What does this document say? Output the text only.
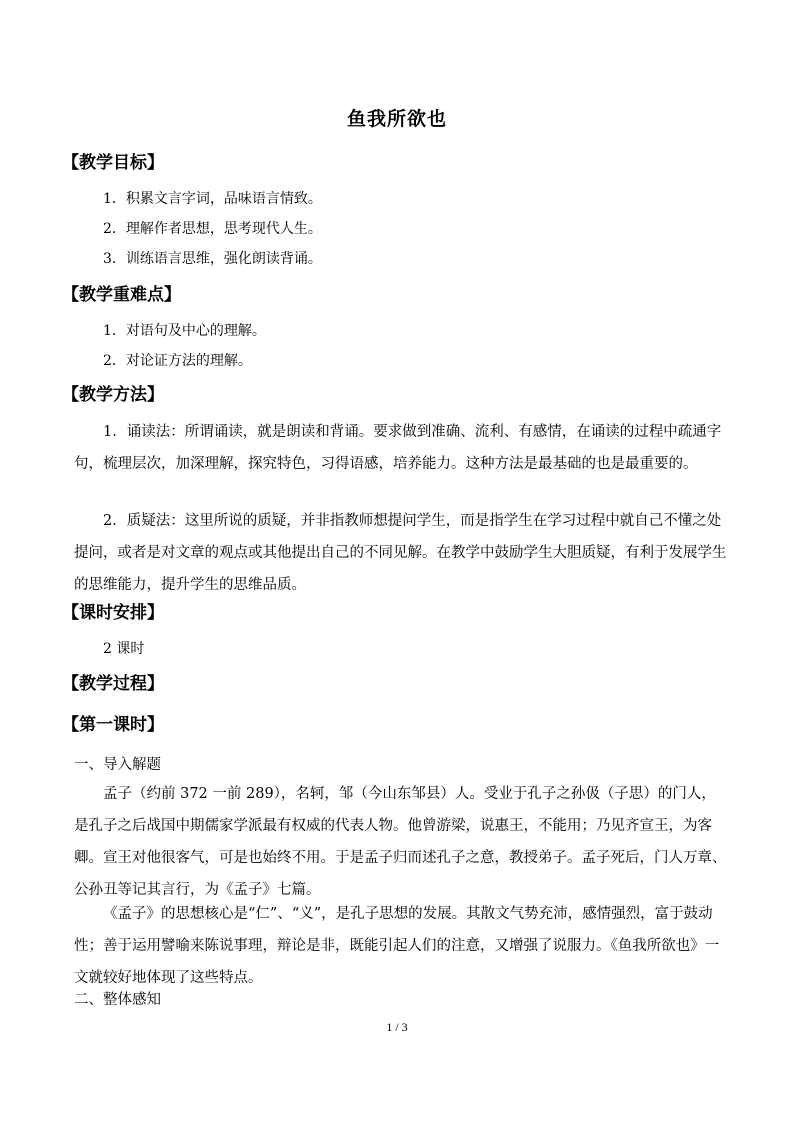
鱼我所欲也
【教学目标】
1．积累文言字词，品味语言情致。
2．理解作者思想，思考现代人生。
3．训练语言思维，强化朗读背诵。
【教学重难点】
1．对语句及中心的理解。
2．对论证方法的理解。
【教学方法】
1．诵读法：所谓诵读，就是朗读和背诵。要求做到准确、流利、有感情，在诵读的过程中疏通字句，梳理层次，加深理解，探究特色，习得语感，培养能力。这种方法是最基础的也是最重要的。
2．质疑法：这里所说的质疑，并非指教师想提问学生，而是指学生在学习过程中就自己不懂之处提问，或者是对文章的观点或其他提出自己的不同见解。在教学中鼓励学生大胆质疑，有利于发展学生的思维能力，提升学生的思维品质。
【课时安排】
2 课时
【教学过程】
【第一课时】
一、导入解题
孟子（约前 372 一前 289），名轲，邹（今山东邹县）人。受业于孔子之孙伋（子思）的门人，是孔子之后战国中期儒家学派最有权威的代表人物。他曾游梁，说惠王，不能用；乃见齐宣王，为客卿。宣王对他很客气，可是也始终不用。于是孟子归而述孔子之意，教授弟子。孟子死后，门人万章、公孙丑等记其言行，为《孟子》七篇。
《孟子》的思想核心是“仁”、“义”，是孔子思想的发展。其散文气势充沛，感情强烈，富于鼓动性；善于运用譬喻来陈说事理，辩论是非，既能引起人们的注意，又增强了说服力。《鱼我所欲也》一文就较好地体现了这些特点。
二、整体感知
1 / 3
